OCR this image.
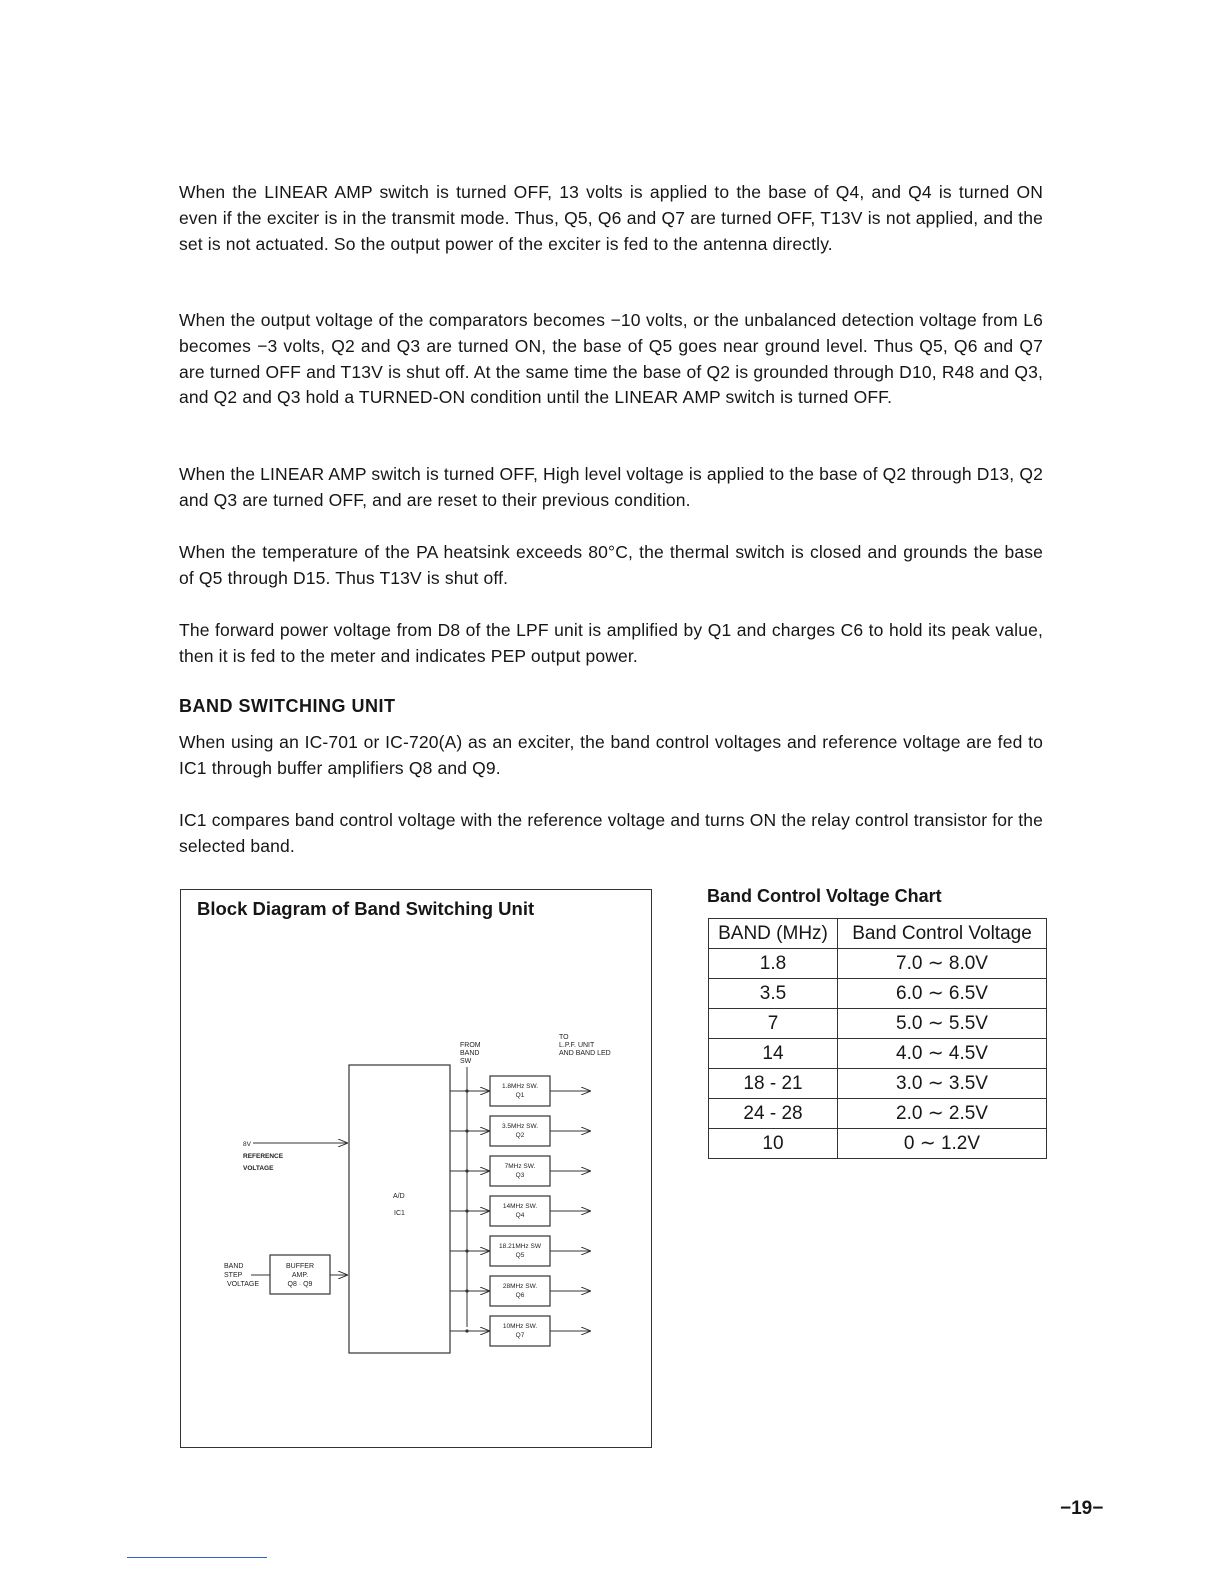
When the LINEAR AMP switch is turned OFF, 13 volts is applied to the base of Q4, and Q4 is turned ON even if the exciter is in the transmit mode. Thus, Q5, Q6 and Q7 are turned OFF, T13V is not applied, and the set is not actuated. So the output power of the exciter is fed to the antenna directly.

When the output voltage of the comparators becomes −10 volts, or the unbalanced detection voltage from L6 becomes −3 volts, Q2 and Q3 are turned ON, the base of Q5 goes near ground level. Thus Q5, Q6 and Q7 are turned OFF and T13V is shut off. At the same time the base of Q2 is grounded through D10, R48 and Q3, and Q2 and Q3 hold a TURNED-ON condition until the LINEAR AMP switch is turned OFF.

When the LINEAR AMP switch is turned OFF, High level voltage is applied to the base of Q2 through D13, Q2 and Q3 are turned OFF, and are reset to their previous condition.

When the temperature of the PA heatsink exceeds 80°C, the thermal switch is closed and grounds the base of Q5 through D15. Thus T13V is shut off.

The forward power voltage from D8 of the LPF unit is amplified by Q1 and charges C6 to hold its peak value, then it is fed to the meter and indicates PEP output power.

BAND SWITCHING UNIT

When using an IC-701 or IC-720(A) as an exciter, the band control voltages and reference voltage are fed to IC1 through buffer amplifiers Q8 and Q9.

IC1 compares band control voltage with the reference voltage and turns ON the relay control transistor for the selected band.

Block Diagram of Band Switching Unit
FROM
BAND
SW
TO
L.P.F. UNIT
AND BAND LED
A/D
IC1
8V
REFERENCE
VOLTAGE
BAND
STEP
VOLTAGE
BUFFER
AMP.
Q8 · Q9
1.8MHz SW.
Q1
3.5MHz SW.
Q2
7MHz SW.
Q3
14MHz SW.
Q4
18.21MHz SW
Q5
28MHz SW.
Q6
10MHz SW.
Q7
Band Control Voltage Chart
BAND (MHz)	Band Control Voltage
1.8	7.0 ∼ 8.0V
3.5	6.0 ∼ 6.5V
7	5.0 ∼ 5.5V
14	4.0 ∼ 4.5V
18 - 21	3.0 ∼ 3.5V
24 - 28	2.0 ∼ 2.5V
10	0 ∼ 1.2V
−19−
